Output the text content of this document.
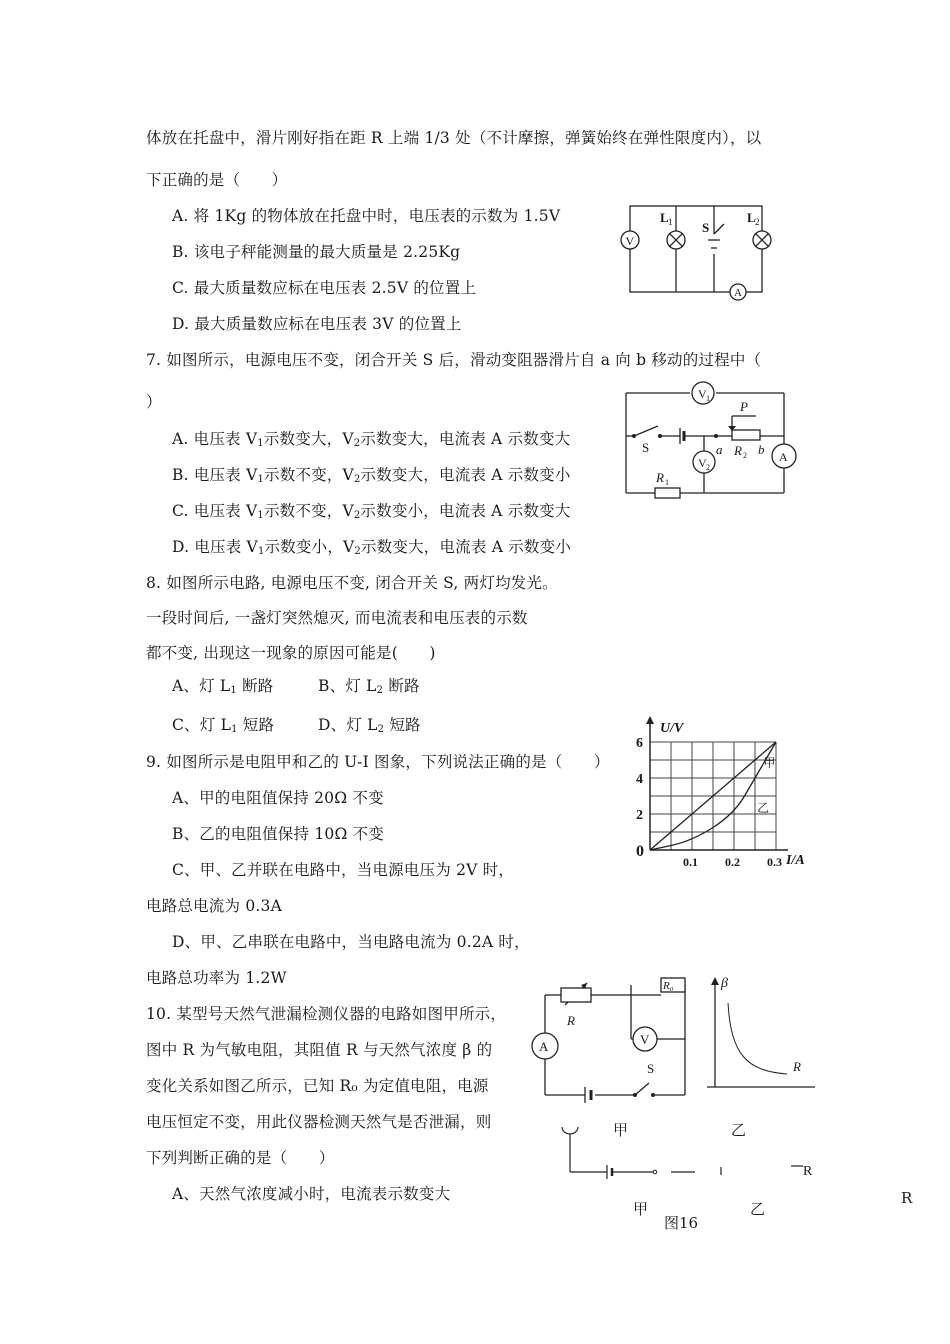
体放在托盘中，滑片刚好指在距 R 上端 1/3 处（不计摩擦，弹簧始终在弹性限度内），以
下正确的是（　　）
A. 将 1Kg 的物体放在托盘中时，电压表的示数为 1.5V
B. 该电子秤能测量的最大质量是 2.25Kg
C. 最大质量数应标在电压表 2.5V 的位置上
D. 最大质量数应标在电压表 3V 的位置上
V
L 1 S
L 2
A
7. 如图所示，电源电压不变，闭合开关 S 后，滑动变阻器滑片自 a 向 b 移动的过程中（
）
A. 电压表 $V_1$示数变大，$V_2$示数变大，电流表 A 示数变大
B. 电压表 $V_1$示数不变，$V_2$示数变大，电流表 A 示数变小
C. 电压表 $V_1$示数不变，$V_2$示数变小，电流表 A 示数变大
D. 电压表 $V_1$示数变小，$V_2$示数变大，电流表 A 示数变小
V 1
P
S	a R 2 b A
V 2
R 1
8. 如图所示电路, 电源电压不变, 闭合开关 S, 两灯均发光。
一段时间后, 一盏灯突然熄灭, 而电流表和电压表的示数
都不变, 出现这一现象的原因可能是(　　)
A、灯 $L_1$ 断路	B、灯 $L_2$ 断路
C、灯 $L_1$ 短路	D、灯 $L_2$ 短路
9. 如图所示是电阻甲和乙的 U-I 图象，下列说法正确的是（　　）
A、甲的电阻值保持 20Ω 不变
B、乙的电阻值保持 10Ω 不变
C、甲、乙并联在电路中，当电源电压为 2V 时，
电路总电流为 0.3A
D、甲、乙串联在电路中，当电路电流为 0.2A 时，
电路总功率为 1.2W
甲
乙
0.1 0.2 0.3
2
4
6
U/V
I/A
0
10. 某型号天然气泄漏检测仪器的电路如图甲所示，
图中 R 为气敏电阻，其阻值 R 与天然气浓度 β 的
变化关系如图乙所示，已知 R₀ 为定值电阻，电源
电压恒定不变，用此仪器检测天然气是否泄漏，则
下列判断正确的是（　　）
A、天然气浓度减小时，电流表示数变大
R
R₀
V
A
S
β
R
甲	乙
R
甲
图16
乙
R
